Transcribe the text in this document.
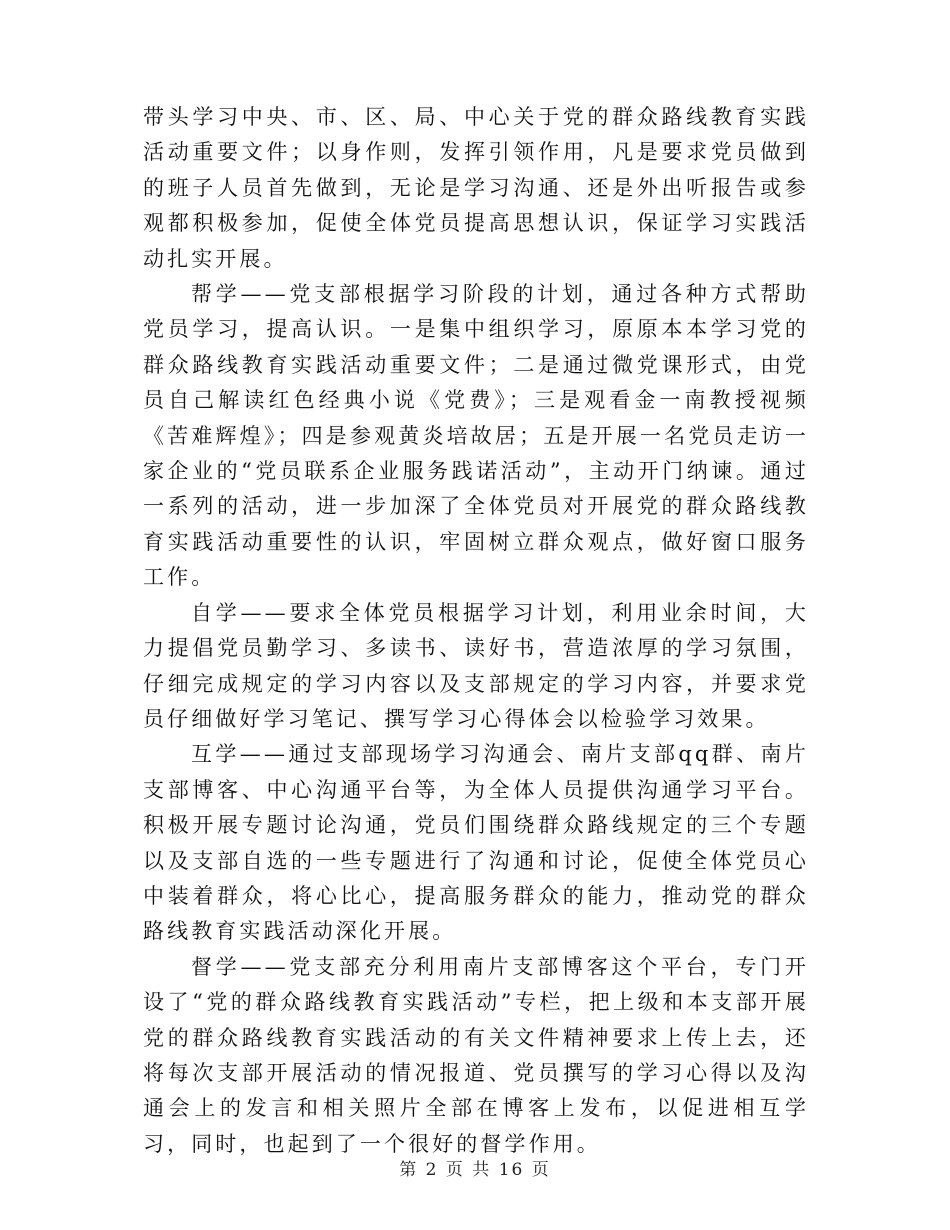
带头学习中央、市、区、局、中心关于党的群众路线教育实践活动重要文件；以身作则，发挥引领作用，凡是要求党员做到的班子人员首先做到，无论是学习沟通、还是外出听报告或参观都积极参加，促使全体党员提高思想认识，保证学习实践活动扎实开展。

帮学——党支部根据学习阶段的计划，通过各种方式帮助党员学习，提高认识。一是集中组织学习，原原本本学习党的群众路线教育实践活动重要文件；二是通过微党课形式，由党员自己解读红色经典小说《党费》；三是观看金一南教授视频《苦难辉煌》；四是参观黄炎培故居；五是开展一名党员走访一家企业的“党员联系企业服务践诺活动”，主动开门纳谏。通过一系列的活动，进一步加深了全体党员对开展党的群众路线教育实践活动重要性的认识，牢固树立群众观点，做好窗口服务工作。

自学——要求全体党员根据学习计划，利用业余时间，大力提倡党员勤学习、多读书、读好书，营造浓厚的学习氛围，仔细完成规定的学习内容以及支部规定的学习内容，并要求党员仔细做好学习笔记、撰写学习心得体会以检验学习效果。

互学——通过支部现场学习沟通会、南片支部qq群、南片支部博客、中心沟通平台等，为全体人员提供沟通学习平台。积极开展专题讨论沟通，党员们围绕群众路线规定的三个专题以及支部自选的一些专题进行了沟通和讨论，促使全体党员心中装着群众，将心比心，提高服务群众的能力，推动党的群众路线教育实践活动深化开展。

督学——党支部充分利用南片支部博客这个平台，专门开设了“党的群众路线教育实践活动”专栏，把上级和本支部开展党的群众路线教育实践活动的有关文件精神要求上传上去，还将每次支部开展活动的情况报道、党员撰写的学习心得以及沟通会上的发言和相关照片全部在博客上发布，以促进相互学习，同时，也起到了一个很好的督学作用。

第 2 页 共 16 页
